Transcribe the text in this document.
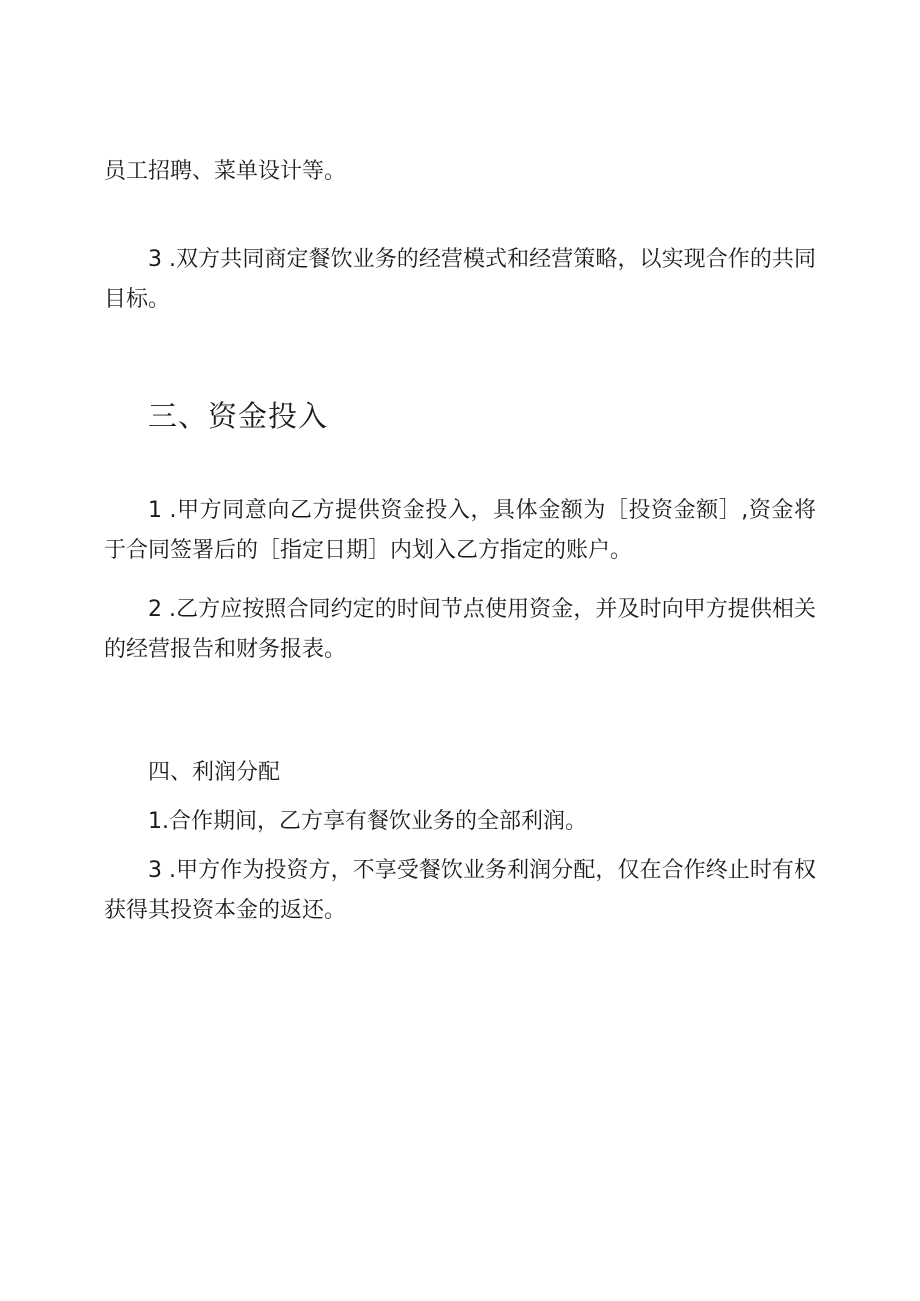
员工招聘、菜单设计等。

3 .双方共同商定餐饮业务的经营模式和经营策略，以实现合作的共同目标。

三、资金投入

1 .甲方同意向乙方提供资金投入，具体金额为［投资金额］,资金将于合同签署后的［指定日期］内划入乙方指定的账户。

2 .乙方应按照合同约定的时间节点使用资金，并及时向甲方提供相关的经营报告和财务报表。

四、利润分配

1.合作期间，乙方享有餐饮业务的全部利润。

3 .甲方作为投资方，不享受餐饮业务利润分配，仅在合作终止时有权获得其投资本金的返还。
